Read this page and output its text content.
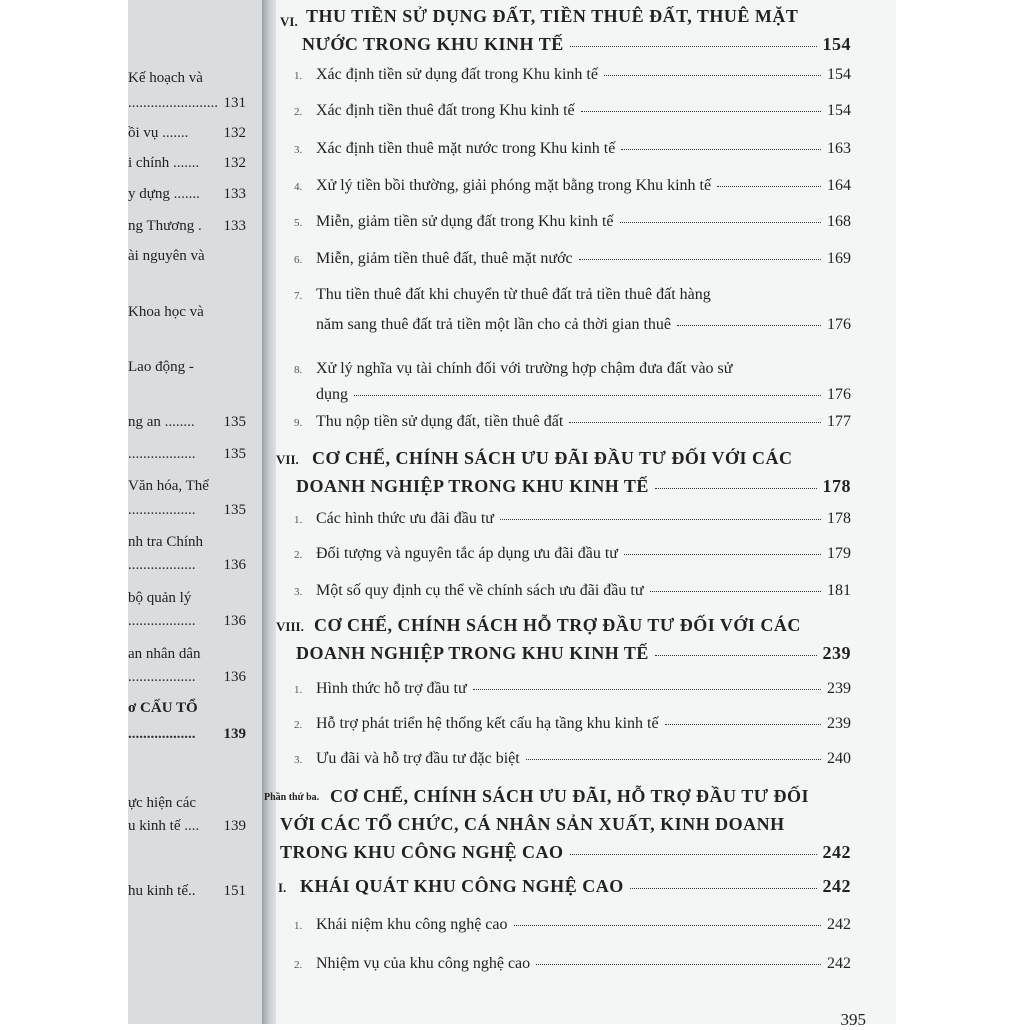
Kế hoạch và
........................ 131
ồi vụ ....... 132
i chính ....... 132
y dựng ....... 133
ng Thương . 133
ài nguyên và
Khoa học và
Lao động -
ng an ........ 135
.................. 135
Văn hóa, Thể
.................. 135
nh tra Chính
.................. 136
bộ quản lý
.................. 136
an nhân dân
.................. 136
ơ CẤU TỔ
.................. 139
ực hiện các
u kinh tế .... 139
hu kinh tế.. 151
VI. THU TIỀN SỬ DỤNG ĐẤT, TIỀN THUÊ ĐẤT, THUÊ MẶT
NƯỚC TRONG KHU KINH TẾ	154
1. Xác định tiền sử dụng đất trong Khu kinh tế	154
2. Xác định tiền thuê đất trong Khu kinh tế	154
3. Xác định tiền thuê mặt nước trong Khu kinh tế	163
4. Xử lý tiền bồi thường, giải phóng mặt bằng trong Khu kinh tế	164
5. Miễn, giảm tiền sử dụng đất trong Khu kinh tế	168
6. Miễn, giảm tiền thuê đất, thuê mặt nước	169
7. Thu tiền thuê đất khi chuyển từ thuê đất trả tiền thuê đất hàng
năm sang thuê đất trả tiền một lần cho cả thời gian thuê	176
8. Xử lý nghĩa vụ tài chính đối với trường hợp chậm đưa đất vào sử
dụng	176
9. Thu nộp tiền sử dụng đất, tiền thuê đất	177
VII. CƠ CHẾ, CHÍNH SÁCH ƯU ĐÃI ĐẦU TƯ ĐỐI VỚI CÁC
DOANH NGHIỆP TRONG KHU KINH TẾ	178
1. Các hình thức ưu đãi đầu tư	178
2. Đối tượng và nguyên tắc áp dụng ưu đãi đầu tư	179
3. Một số quy định cụ thể về chính sách ưu đãi đầu tư	181
VIII. CƠ CHẾ, CHÍNH SÁCH HỖ TRỢ ĐẦU TƯ ĐỐI VỚI CÁC
DOANH NGHIỆP TRONG KHU KINH TẾ	239
1. Hình thức hỗ trợ đầu tư	239
2. Hỗ trợ phát triển hệ thống kết cấu hạ tầng khu kinh tế	239
3. Ưu đãi và hỗ trợ đầu tư đặc biệt	240
Phần thứ ba. CƠ CHẾ, CHÍNH SÁCH ƯU ĐÃI, HỖ TRỢ ĐẦU TƯ ĐỐI
VỚI CÁC TỔ CHỨC, CÁ NHÂN SẢN XUẤT, KINH DOANH
TRONG KHU CÔNG NGHỆ CAO	242
I. KHÁI QUÁT KHU CÔNG NGHỆ CAO	242
1. Khái niệm khu công nghệ cao	242
2. Nhiệm vụ của khu công nghệ cao	242
395
